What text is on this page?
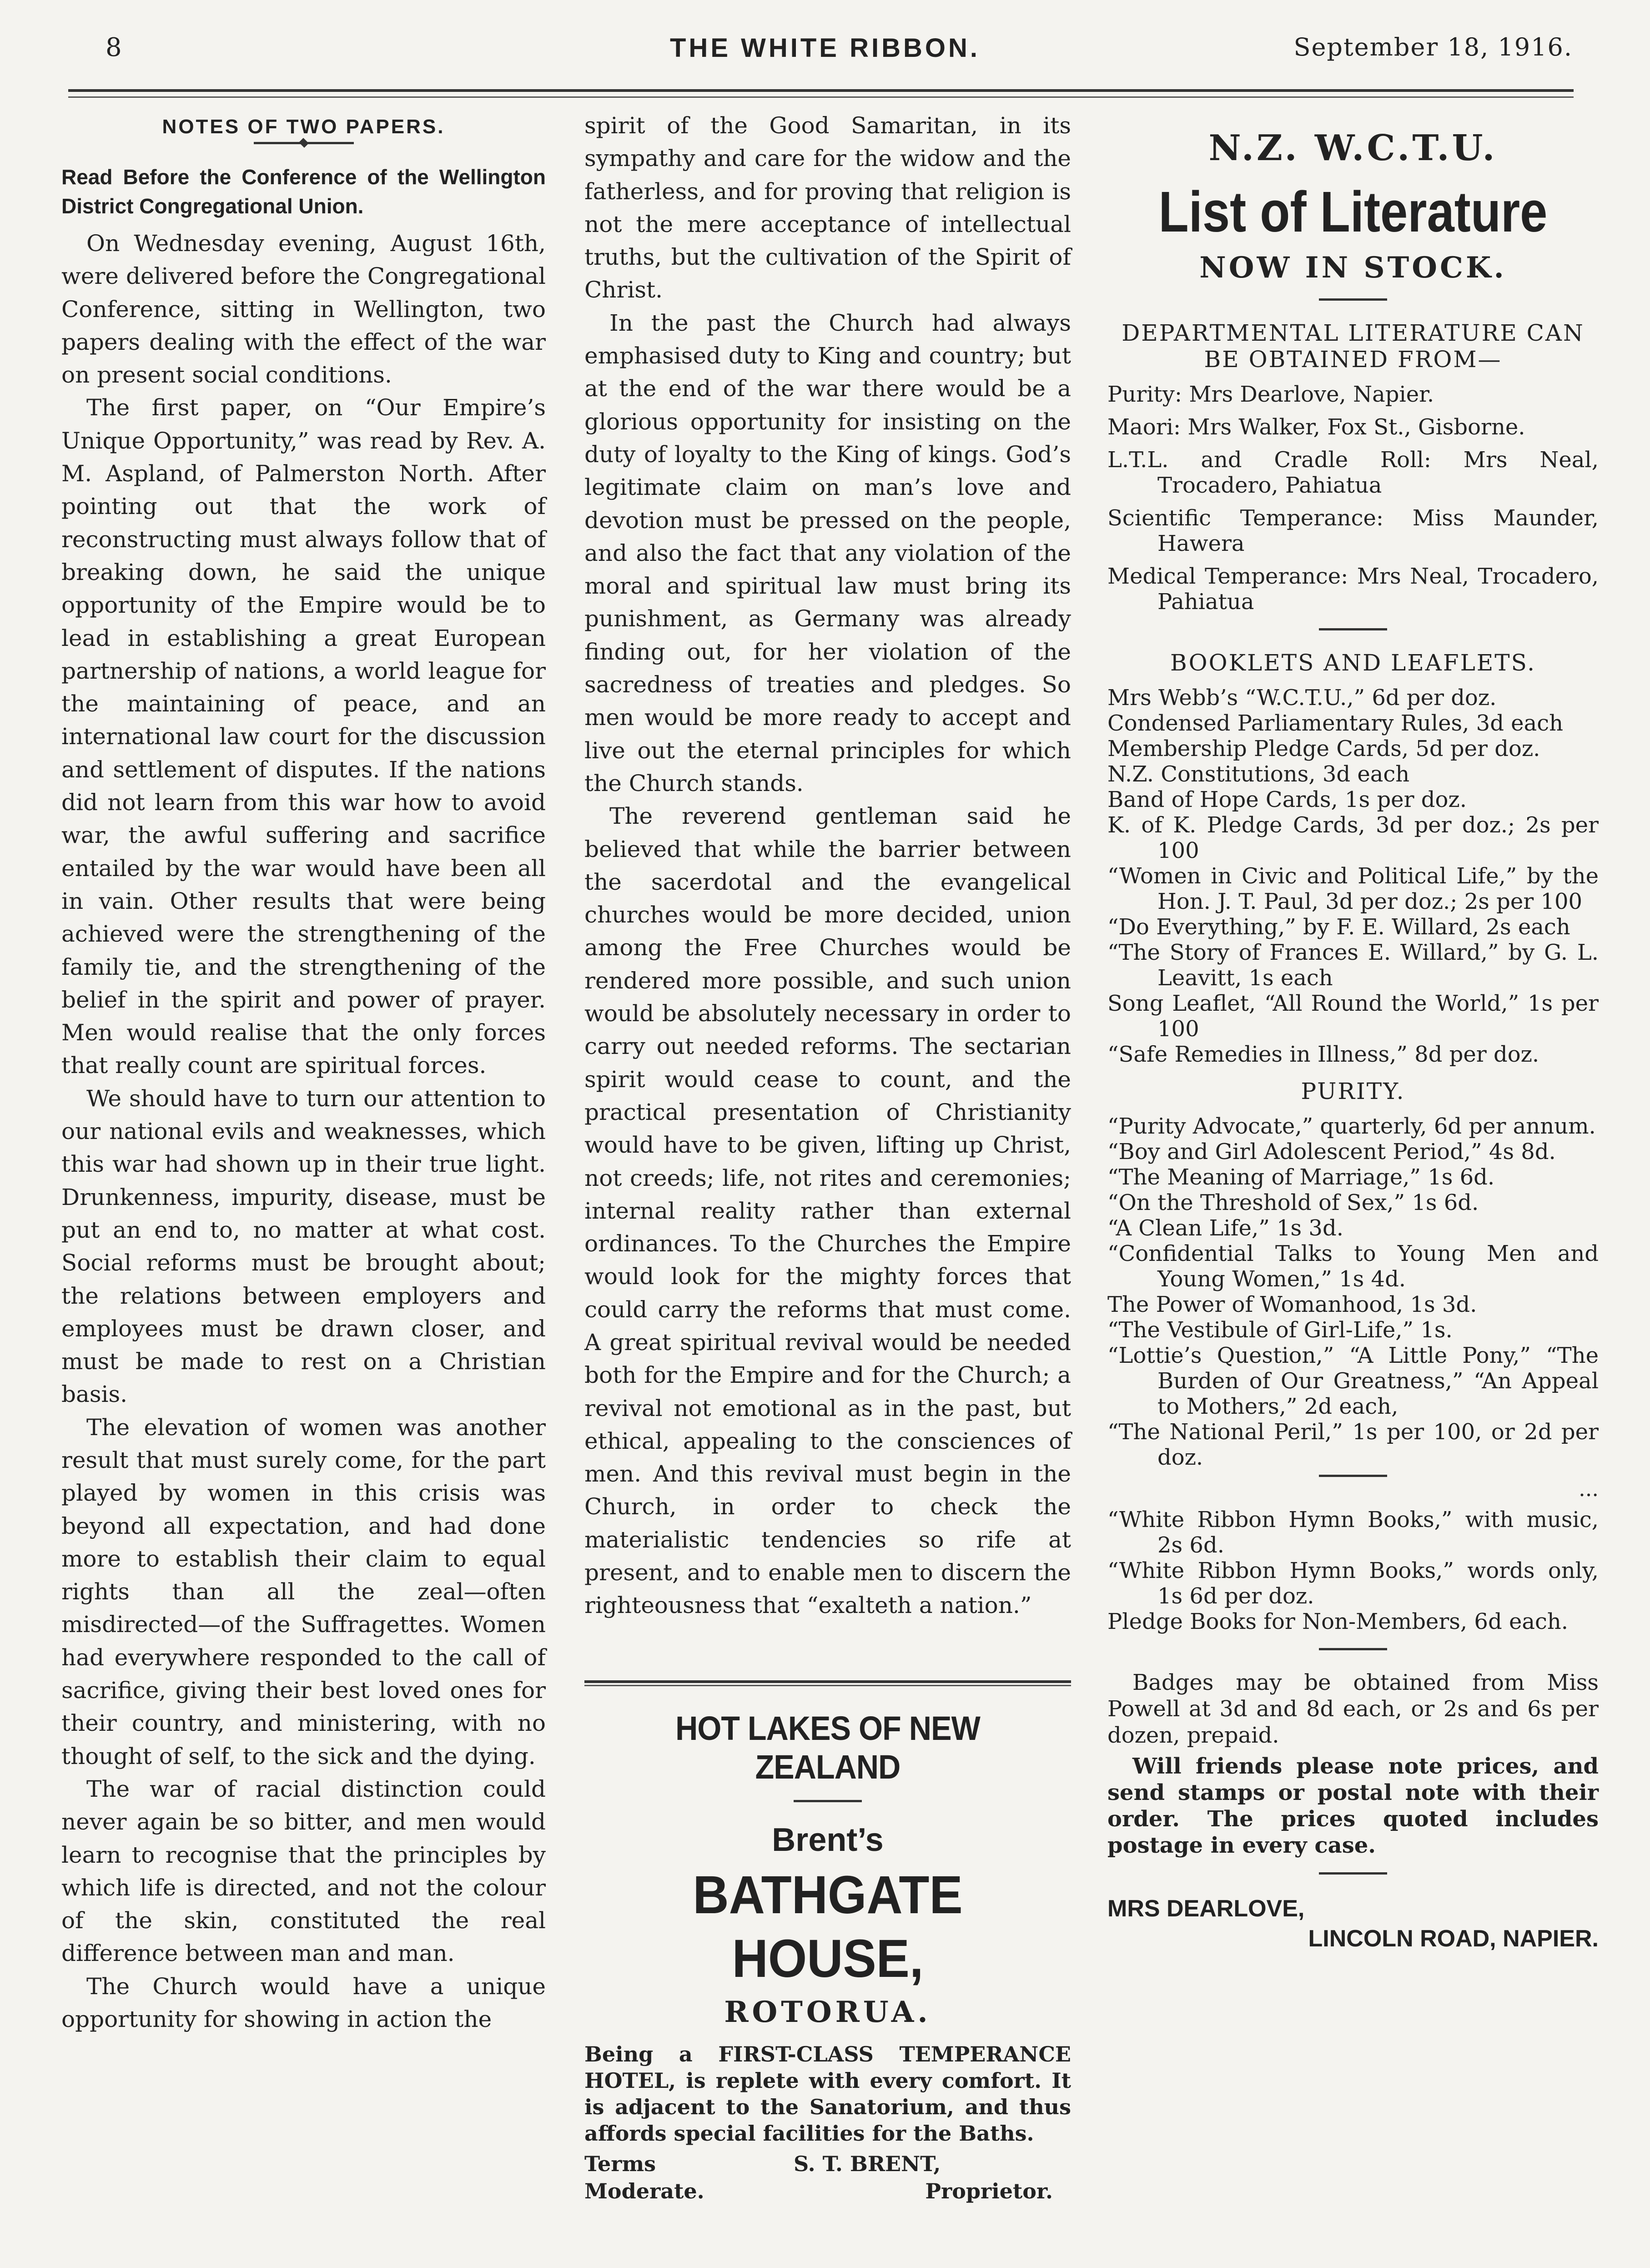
8	THE WHITE RIBBON.	September 18, 1916.
NOTES OF TWO PAPERS.
Read Before the Conference of the Wellington District Congregational Union.

On Wednesday evening, August 16th, were delivered before the Congregational Conference, sitting in Wellington, two papers dealing with the effect of the war on present social conditions.

The first paper, on “Our Empire’s Unique Opportunity,” was read by Rev. A. M. Aspland, of Palmerston North. After pointing out that the work of reconstructing must always follow that of breaking down, he said the unique opportunity of the Empire would be to lead in establishing a great European partnership of nations, a world league for the maintaining of peace, and an international law court for the discussion and settlement of disputes. If the nations did not learn from this war how to avoid war, the awful suffering and sacrifice entailed by the war would have been all in vain. Other results that were being achieved were the strengthening of the family tie, and the strengthening of the belief in the spirit and power of prayer. Men would realise that the only forces that really count are spiritual forces.

We should have to turn our attention to our national evils and weaknesses, which this war had shown up in their true light. Drunkenness, impurity, disease, must be put an end to, no matter at what cost. Social reforms must be brought about; the relations between employers and employees must be drawn closer, and must be made to rest on a Christian basis.

The elevation of women was another result that must surely come, for the part played by women in this crisis was beyond all expectation, and had done more to establish their claim to equal rights than all the zeal—often misdirected—of the Suffragettes. Women had everywhere responded to the call of sacrifice, giving their best loved ones for their country, and ministering, with no thought of self, to the sick and the dying.

The war of racial distinction could never again be so bitter, and men would learn to recognise that the principles by which life is directed, and not the colour of the skin, constituted the real difference between man and man.

The Church would have a unique opportunity for showing in action the

spirit of the Good Samaritan, in its sympathy and care for the widow and the fatherless, and for proving that religion is not the mere acceptance of intellectual truths, but the cultivation of the Spirit of Christ.

In the past the Church had always emphasised duty to King and country; but at the end of the war there would be a glorious opportunity for insisting on the duty of loyalty to the King of kings. God’s legitimate claim on man’s love and devotion must be pressed on the people, and also the fact that any violation of the moral and spiritual law must bring its punishment, as Germany was already finding out, for her violation of the sacredness of treaties and pledges. So men would be more ready to accept and live out the eternal principles for which the Church stands.

The reverend gentleman said he believed that while the barrier between the sacerdotal and the evangelical churches would be more decided, union among the Free Churches would be rendered more possible, and such union would be absolutely necessary in order to carry out needed reforms. The sectarian spirit would cease to count, and the practical presentation of Christianity would have to be given, lifting up Christ, not creeds; life, not rites and ceremonies; internal reality rather than external ordinances. To the Churches the Empire would look for the mighty forces that could carry the reforms that must come. A great spiritual revival would be needed both for the Empire and for the Church; a revival not emotional as in the past, but ethical, appealing to the consciences of men. And this revival must begin in the Church, in order to check the materialistic tendencies so rife at present, and to enable men to discern the righteousness that “exalteth a nation.”

HOT LAKES OF NEW ZEALAND
Brent’s
BATHGATE HOUSE,
ROTORUA.

Being a FIRST-CLASS TEMPERANCE HOTEL, is replete with every comfort. It is adjacent to the Sanatorium, and thus affords special facilities for the Baths.

Terms
Moderate.
S. T. BRENT,
Proprietor.
N.Z. W.C.T.U.
List of Literature
NOW IN STOCK.
DEPARTMENTAL LITERATURE CAN BE OBTAINED FROM—

Purity: Mrs Dearlove, Napier.

Maori: Mrs Walker, Fox St., Gisborne.

L.T.L. and Cradle Roll: Mrs Neal, Trocadero, Pahiatua

Scientific Temperance: Miss Maunder, Hawera

Medical Temperance: Mrs Neal, Trocadero, Pahiatua

BOOKLETS AND LEAFLETS.

Mrs Webb’s “W.C.T.U.,” 6d per doz.

Condensed Parliamentary Rules, 3d each

Membership Pledge Cards, 5d per doz.

N.Z. Constitutions, 3d each

Band of Hope Cards, 1s per doz.

K. of K. Pledge Cards, 3d per doz.; 2s per 100

“Women in Civic and Political Life,” by the Hon. J. T. Paul, 3d per doz.; 2s per 100

“Do Everything,” by F. E. Willard, 2s each

“The Story of Frances E. Willard,” by G. L. Leavitt, 1s each

Song Leaflet, “All Round the World,” 1s per 100

“Safe Remedies in Illness,” 8d per doz.

PURITY.

“Purity Advocate,” quarterly, 6d per annum.

“Boy and Girl Adolescent Period,” 4s 8d.

“The Meaning of Marriage,” 1s 6d.

“On the Threshold of Sex,” 1s 6d.

“A Clean Life,” 1s 3d.

“Confidential Talks to Young Men and Young Women,” 1s 4d.

The Power of Womanhood, 1s 3d.

“The Vestibule of Girl-Life,” 1s.

“Lottie’s Question,” “A Little Pony,” “The Burden of Our Greatness,” “An Appeal to Mothers,” 2d each,

“The National Peril,” 1s per 100, or 2d per doz.

...

“White Ribbon Hymn Books,” with music, 2s 6d.

“White Ribbon Hymn Books,” words only, 1s 6d per doz.

Pledge Books for Non-Members, 6d each.

Badges may be obtained from Miss Powell at 3d and 8d each, or 2s and 6s per dozen, prepaid.

Will friends please note prices, and send stamps or postal note with their order. The prices quoted includes postage in every case.

MRS DEARLOVE,

LINCOLN ROAD, NAPIER.
